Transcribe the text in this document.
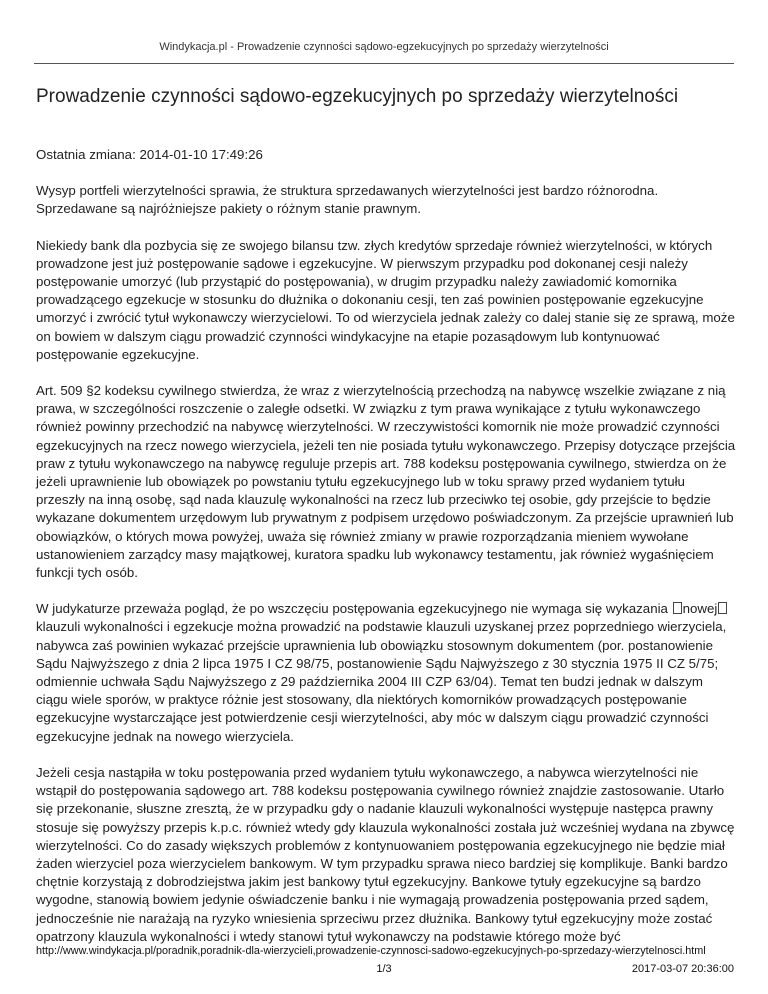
Windykacja.pl - Prowadzenie czynności sądowo-egzekucyjnych po sprzedaży wierzytelności
Prowadzenie czynności sądowo-egzekucyjnych po sprzedaży wierzytelności

Ostatnia zmiana: 2014-01-10 17:49:26

Wysyp portfeli wierzytelności sprawia, że struktura sprzedawanych wierzytelności jest bardzo różnorodna. Sprzedawane są najróżniejsze pakiety o różnym stanie prawnym.

Niekiedy bank dla pozbycia się ze swojego bilansu tzw. złych kredytów sprzedaje również wierzytelności, w których prowadzone jest już postępowanie sądowe i egzekucyjne. W pierwszym przypadku pod dokonanej cesji należy postępowanie umorzyć (lub przystąpić do postępowania), w drugim przypadku należy zawiadomić komornika prowadzącego egzekucje w stosunku do dłużnika o dokonaniu cesji, ten zaś powinien postępowanie egzekucyjne umorzyć i zwrócić tytuł wykonawczy wierzycielowi. To od wierzyciela jednak zależy co dalej stanie się ze sprawą, może on bowiem w dalszym ciągu prowadzić czynności windykacyjne na etapie pozasądowym lub kontynuować postępowanie egzekucyjne.

Art. 509 §2 kodeksu cywilnego stwierdza, że wraz z wierzytelnością przechodzą na nabywcę wszelkie związane z nią prawa, w szczególności roszczenie o zaległe odsetki. W związku z tym prawa wynikające z tytułu wykonawczego również powinny przechodzić na nabywcę wierzytelności. W rzeczywistości komornik nie może prowadzić czynności egzekucyjnych na rzecz nowego wierzyciela, jeżeli ten nie posiada tytułu wykonawczego. Przepisy dotyczące przejścia praw z tytułu wykonawczego na nabywcę reguluje przepis art. 788 kodeksu postępowania cywilnego, stwierdza on że jeżeli uprawnienie lub obowiązek po powstaniu tytułu egzekucyjnego lub w toku sprawy przed wydaniem tytułu przeszły na inną osobę, sąd nada klauzulę wykonalności na rzecz lub przeciwko tej osobie, gdy przejście to będzie wykazane dokumentem urzędowym lub prywatnym z podpisem urzędowo poświadczonym. Za przejście uprawnień lub obowiązków, o których mowa powyżej, uważa się również zmiany w prawie rozporządzania mieniem wywołane ustanowieniem zarządcy masy majątkowej, kuratora spadku lub wykonawcy testamentu, jak również wygaśnięciem funkcji tych osób.

W judykaturze przeważa pogląd, że po wszczęciu postępowania egzekucyjnego nie wymaga się wykazania nowej klauzuli wykonalności i egzekucje można prowadzić na podstawie klauzuli uzyskanej przez poprzedniego wierzyciela, nabywca zaś powinien wykazać przejście uprawnienia lub obowiązku stosownym dokumentem (por. postanowienie Sądu Najwyższego z dnia 2 lipca 1975 I CZ 98/75, postanowienie Sądu Najwyższego z 30 stycznia 1975 II CZ 5/75; odmiennie uchwała Sądu Najwyższego z 29 października 2004 III CZP 63/04). Temat ten budzi jednak w dalszym ciągu wiele sporów, w praktyce różnie jest stosowany, dla niektórych komorników prowadzących postępowanie egzekucyjne wystarczające jest potwierdzenie cesji wierzytelności, aby móc w dalszym ciągu prowadzić czynności egzekucyjne jednak na nowego wierzyciela.

Jeżeli cesja nastąpiła w toku postępowania przed wydaniem tytułu wykonawczego, a nabywca wierzytelności nie wstąpił do postępowania sądowego art. 788 kodeksu postępowania cywilnego również znajdzie zastosowanie. Utarło się przekonanie, słuszne zresztą, że w przypadku gdy o nadanie klauzuli wykonalności występuje następca prawny stosuje się powyższy przepis k.p.c. również wtedy gdy klauzula wykonalności została już wcześniej wydana na zbywcę wierzytelności. Co do zasady większych problemów z kontynuowaniem postępowania egzekucyjnego nie będzie miał żaden wierzyciel poza wierzycielem bankowym. W tym przypadku sprawa nieco bardziej się komplikuje. Banki bardzo chętnie korzystają z dobrodziejstwa jakim jest bankowy tytuł egzekucyjny. Bankowe tytuły egzekucyjne są bardzo wygodne, stanowią bowiem jedynie oświadczenie banku i nie wymagają prowadzenia postępowania przed sądem, jednocześnie nie narażają na ryzyko wniesienia sprzeciwu przez dłużnika. Bankowy tytuł egzekucyjny może zostać opatrzony klauzula wykonalności i wtedy stanowi tytuł wykonawczy na podstawie którego może być

http://www.windykacja.pl/poradnik,poradnik-dla-wierzycieli,prowadzenie-czynnosci-sadowo-egzekucyjnych-po-sprzedazy-wierzytelnosci.html
1/3	2017-03-07 20:36:00
